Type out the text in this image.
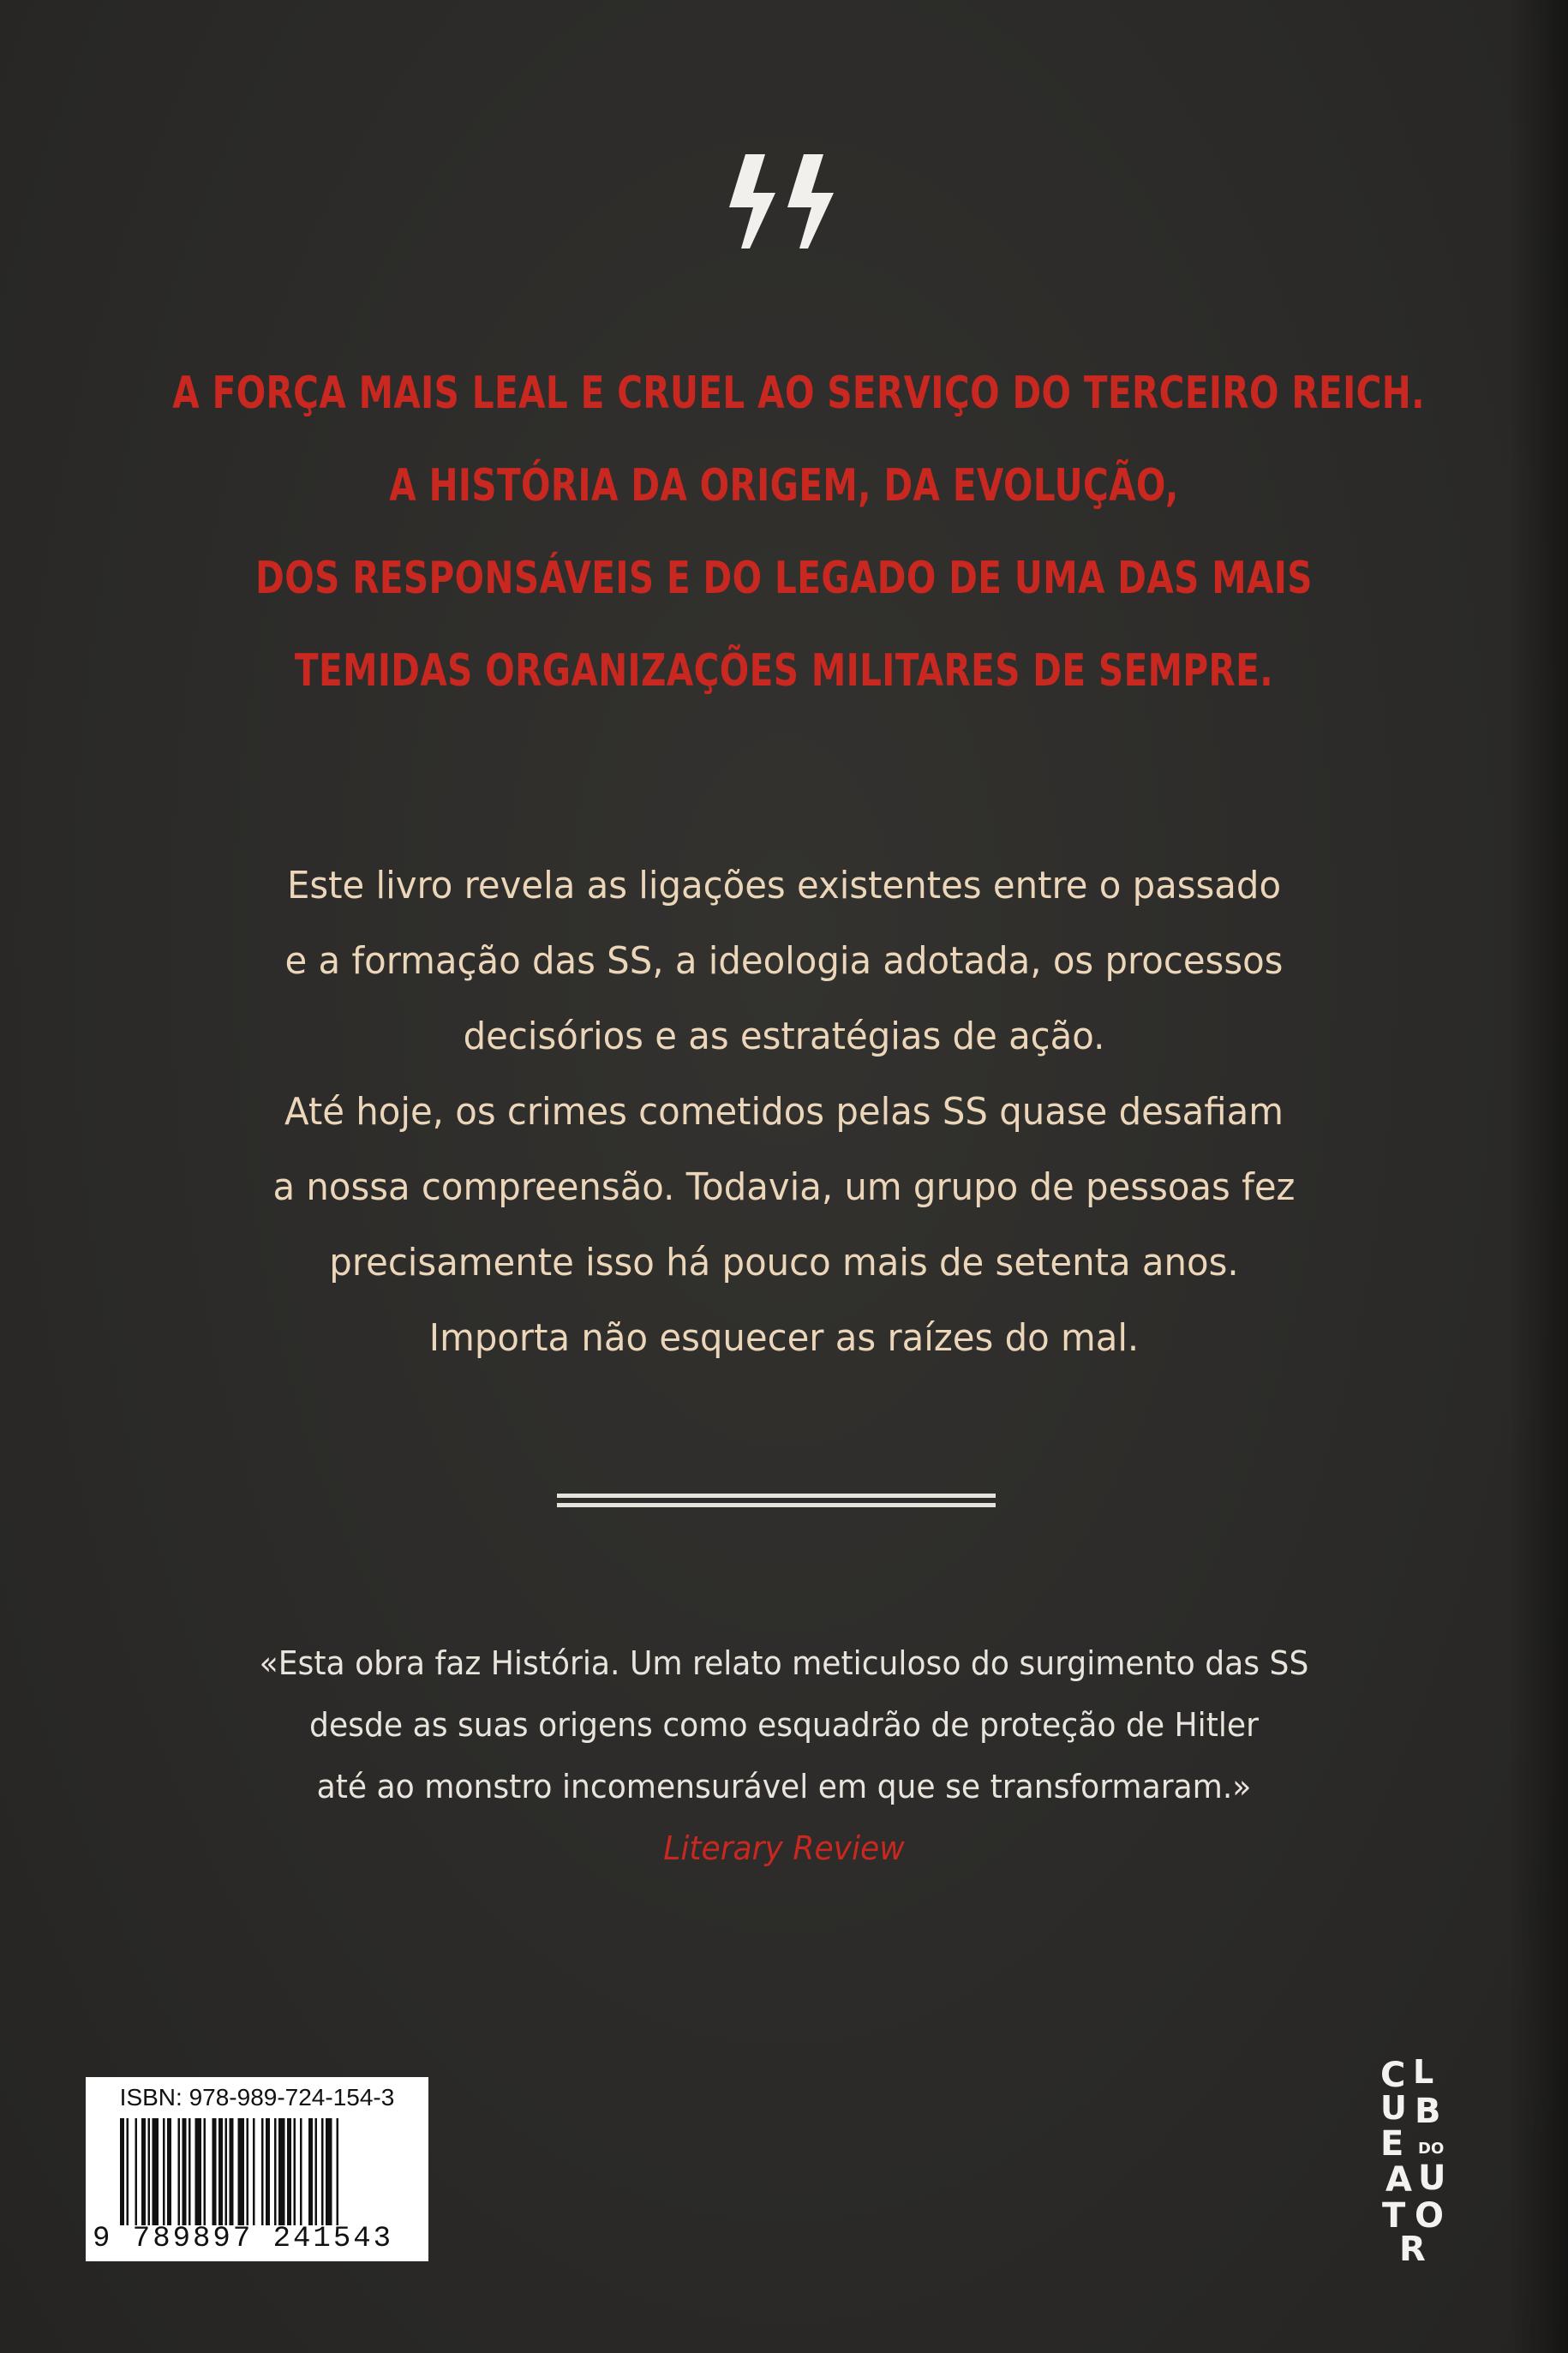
A FORÇA MAIS LEAL E CRUEL AO SERVIÇO DO TERCEIRO REICH.
A HISTÓRIA DA ORIGEM, DA EVOLUÇÃO,
DOS RESPONSÁVEIS E DO LEGADO DE UMA DAS MAIS
TEMIDAS ORGANIZAÇÕES MILITARES DE SEMPRE.
Este livro revela as ligações existentes entre o passado
e a formação das SS, a ideologia adotada, os processos
decisórios e as estratégias de ação.
Até hoje, os crimes cometidos pelas SS quase desafiam
a nossa compreensão. Todavia, um grupo de pessoas fez
precisamente isso há pouco mais de setenta anos.
Importa não esquecer as raízes do mal.
«Esta obra faz História. Um relato meticuloso do surgimento das SS
desde as suas origens como esquadrão de proteção de Hitler
até ao monstro incomensurável em que se transformaram.»
Literary Review
ISBN: 978-989-724-154-3
9 789897 241543
C L
U B
E DO
A U
T O
R
